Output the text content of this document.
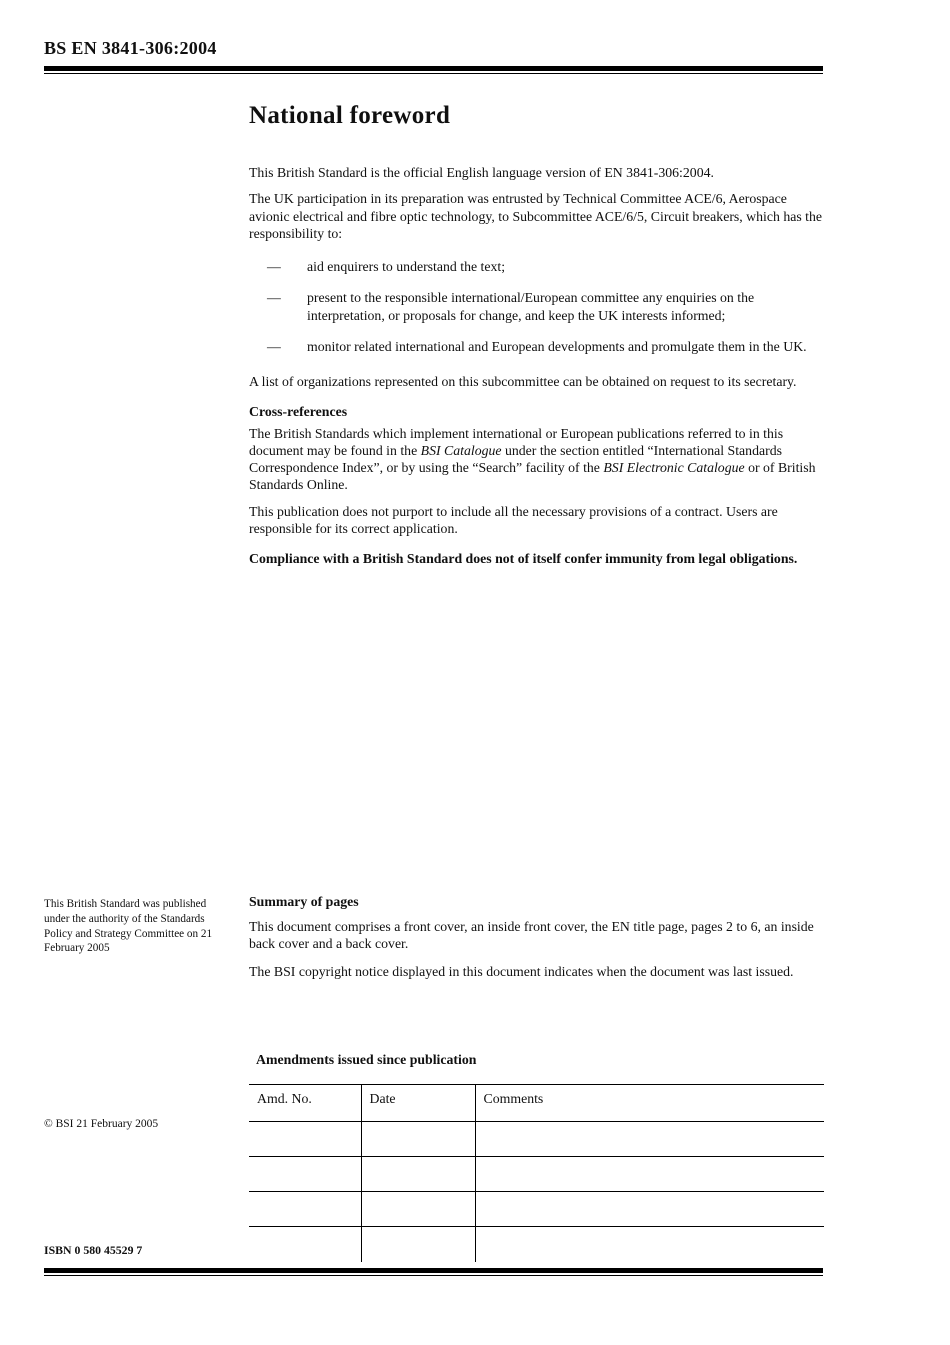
BS EN 3841-306:2004
National foreword

This British Standard is the official English language version of EN 3841-306:2004.

The UK participation in its preparation was entrusted by Technical Committee ACE/6, Aerospace avionic electrical and fibre optic technology, to Subcommittee ACE/6/5, Circuit breakers, which has the responsibility to:

—	aid enquirers to understand the text;
—	present to the responsible international/European committee any enquiries on the interpretation, or proposals for change, and keep the UK interests informed;
—	monitor related international and European developments and promulgate them in the UK.

A list of organizations represented on this subcommittee can be obtained on request to its secretary.

Cross-references

The British Standards which implement international or European publications referred to in this document may be found in the BSI Catalogue under the section entitled “International Standards Correspondence Index”, or by using the “Search” facility of the BSI Electronic Catalogue or of British Standards Online.

This publication does not purport to include all the necessary provisions of a contract. Users are responsible for its correct application.

Compliance with a British Standard does not of itself confer immunity from legal obligations.

Summary of pages

This document comprises a front cover, an inside front cover, the EN title page, pages 2 to 6, an inside back cover and a back cover.

The BSI copyright notice displayed in this document indicates when the document was last issued.

Amendments issued since publication
Amd. No.	Date	Comments

This British Standard was published under the authority of the Standards Policy and Strategy Committee on 21 February 2005
© BSI 21 February 2005
ISBN 0 580 45529 7
